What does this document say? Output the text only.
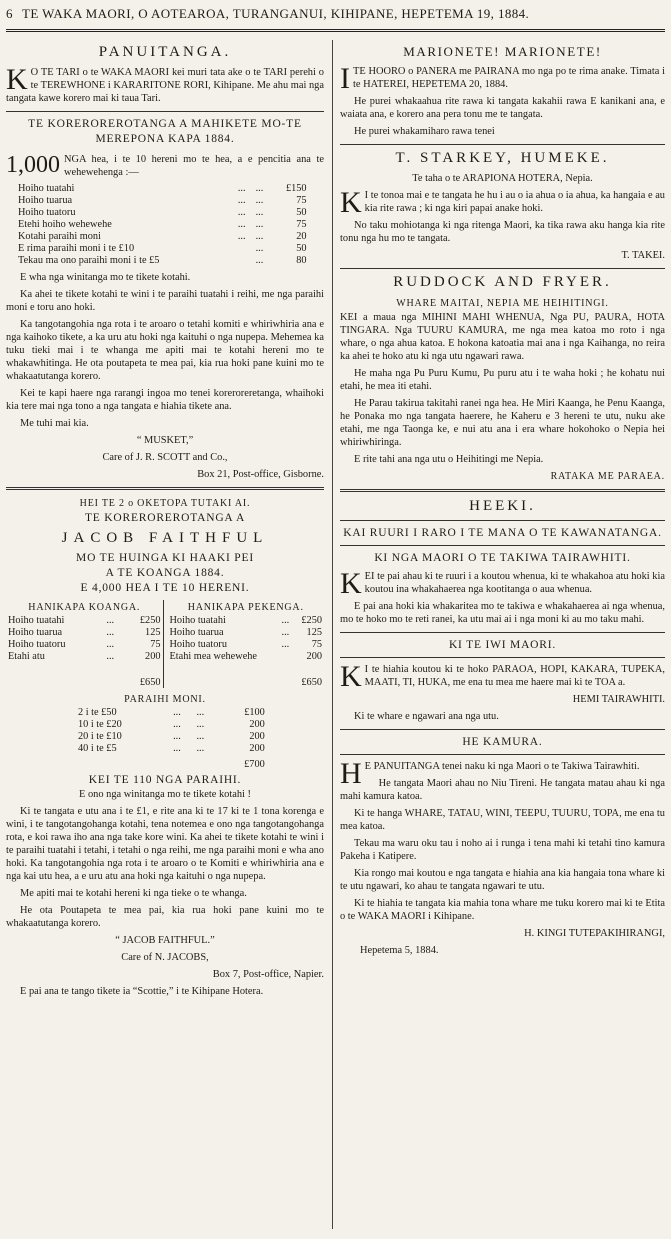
6 TE WAKA MAORI, O AOTEAROA, TURANGANUI, KIHIPANE, HEPETEMA 19, 1884.
PANUITANGA.

K O TE TARI o te WAKA MAORI kei muri tata ake o te TARI perehi o te TEREWHONE i KARARITONE RORI, Kihipane. Me ahu mai nga tangata kawe korero mai ki taua Tari.

TE KOREROREROTANGA A MAHIKETE MO-TE MEREPONA KAPA 1884.

1,000 NGA hea, i te 10 hereni mo te hea, a e pencitia ana te wehewehenga :—

Hoiho tuatahi	...	...	£150
Hoiho tuarua	...	...	75
Hoiho tuatoru	...	...	50
Etehi hoiho wehewehe	...	...	75
Kotahi paraihi moni	...	...	20
E rima paraihi moni i te £10		...	50
Tekau ma ono paraihi moni i te £5		...	80

E wha nga winitanga mo te tikete kotahi.

Ka ahei te tikete kotahi te wini i te paraihi tuatahi i reihi, me nga paraihi moni e toru ano hoki.

Ka tangotangohia nga rota i te aroaro o tetahi komiti e whiriwhiria ana e nga kaihoko tikete, a ka uru atu hoki nga kaituhi o nga nupepa. Mehemea ka tuku tieki mai i te whanga me apiti mai te kotahi hereni mo te whakawhitinga. He ota poutapeta te mea pai, kia rua hoki pane kuini mo te whakaatutanga korero.

Kei te kapi haere nga rarangi ingoa mo tenei koreroreretanga, whaihoki kia tere mai nga tono a nga tangata e hiahia tikete ana.

Me tuhi mai kia.

“ MUSKET,”

Care of J. R. SCOTT and Co.,

Box 21, Post-office, Gisborne.

HEI TE 2 o OKETOPA TUTAKI AI.
TE KOREROREROTANGA A
JACOB FAITHFUL
MO TE HUINGA KI HAAKI PEI
A TE KOANGA 1884.
E 4,000 HEA I TE 10 HERENI.
HANIKAPA KOANGA.
Hoiho tuatahi	...	£250
Hoiho tuarua	...	125
Hoiho tuatoru	...	75
Etahi atu	...	200
£650
HANIKAPA PEKENGA.
Hoiho tuatahi	...	£250
Hoiho tuarua	...	125
Hoiho tuatoru	...	75
Etahi mea wehewehe		200
£650
PARAIHI MONI.
2 i te £50	...	...	£100
10 i te £20	...	...	200
20 i te £10	...	...	200
40 i te £5	...	...	200
£700
KEI TE 110 NGA PARAIHI.

E ono nga winitanga mo te tikete kotahi !

Ki te tangata e utu ana i te £1, e rite ana ki te 17 ki te 1 tona korenga e wini, i te tangotangohanga kotahi, tena notemea e ono nga tangotangohanga rota, e koi rawa iho ana nga take kore wini. Ka ahei te tikete kotahi te wini i te paraihi tuatahi i tetahi, i tetahi o nga reihi, me nga paraihi moni e wha ano hoki. Ka tangotangohia nga rota i te aroaro o te Komiti e whiriwhiria ana e nga kai utu hea, a e uru atu ana hoki nga kaituhi o nga nupepa.

Me apiti mai te kotahi hereni ki nga tieke o te whanga.

He ota Poutapeta te mea pai, kia rua hoki pane kuini mo te whakaatutanga korero.

“ JACOB FAITHFUL.”

Care of N. JACOBS,

Box 7, Post-office, Napier.

E pai ana te tango tikete ia “Scottie,” i te Kihipane Hotera.

MARIONETE! MARIONETE!

ITE HOORO o PANERA me PAIRANA mo nga po te rima anake. Timata i te HATEREI, HEPETEMA 20, 1884.

He purei whakaahua rite rawa ki tangata kakahii rawa E kanikani ana, e waiata ana, e korero ana pera tonu me te tangata.

He purei whakamiharo rawa tenei

T. STARKEY, HUMEKE.

Te taha o te ARAPIONA HOTERA, Nepia.

K I te tonoa mai e te tangata he hu i au o ia ahua o ia ahua, ka hangaia e au kia rite rawa ; ki nga kiri papai anake hoki.

No taku mohiotanga ki nga ritenga Maori, ka tika rawa aku hanga kia rite tonu nga hu mo te tangata.

T. TAKEI.

RUDDOCK AND FRYER.
WHARE MAITAI, NEPIA ME HEIHITINGI.

KEI a maua nga MIHINI MAHI WHENUA, Nga PU, PAURA, HOTA TINGARA. Nga TUURU KAMURA, me nga mea katoa mo roto i nga whare, o nga ahua katoa. E hokona katoatia mai ana i nga Kaihanga, no reira ka ahei te hoko atu ki nga utu ngawari rawa.

He maha nga Pu Puru Kumu, Pu puru atu i te waha hoki ; he kohatu nui etahi, he mea iti etahi.

He Parau takirua takitahi ranei nga hea. He Miri Kaanga, he Penu Kaanga, he Ponaka mo nga tangata haerere, he Kaheru e 3 hereni te utu, nuku ake etahi, me nga Taonga ke, e nui atu ana i era whare hokohoko o Nepia hei whiriwhiringa.

E rite tahi ana nga utu o Heihitingi me Nepia.

RATAKA ME PARAEA.

HEEKI.
KAI RUURI I RARO I TE MANA O TE KAWANATANGA.
KI NGA MAORI O TE TAKIWA TAIRAWHITI.

KEI te pai ahau ki te ruuri i a koutou whenua, ki te whakahoa atu hoki kia koutou ina whakahaerea nga kootitanga o aua whenua.

E pai ana hoki kia whakaritea mo te takiwa e whakahaerea ai nga whenua, mo te hoko mo te reti ranei, ka utu mai ai i nga moni ki au mo taku mahi.

KI TE IWI MAORI.

K I te hiahia koutou ki te hoko PARAOA, HOPI, KAKARA, TUPEKA, MAATI, TI, HUKA, me ena tu mea me haere mai ki te TOA a.

HEMI TAIRAWHITI.

Ki te whare e ngawari ana nga utu.

HE KAMURA.

H E PANUITANGA tenei naku ki nga Maori o te Takiwa Tairawhiti.

He tangata Maori ahau no Niu Tireni. He tangata matau ahau ki nga mahi kamura katoa.

Ki te hanga WHARE, TATAU, WINI, TEEPU, TUURU, TOPA, me ena tu mea katoa.

Tekau ma waru oku tau i noho ai i runga i tena mahi ki tetahi tino kamura Pakeha i Katipere.

Kia rongo mai koutou e nga tangata e hiahia ana kia hangaia tona whare ki te utu ngawari, ko ahau te tangata ngawari te utu.

Ki te hiahia te tangata kia mahia tona whare me tuku korero mai ki te Etita o te WAKA MAORI i Kihipane.

H. KINGI TUTEPAKIHIRANGI,

Hepetema 5, 1884.
